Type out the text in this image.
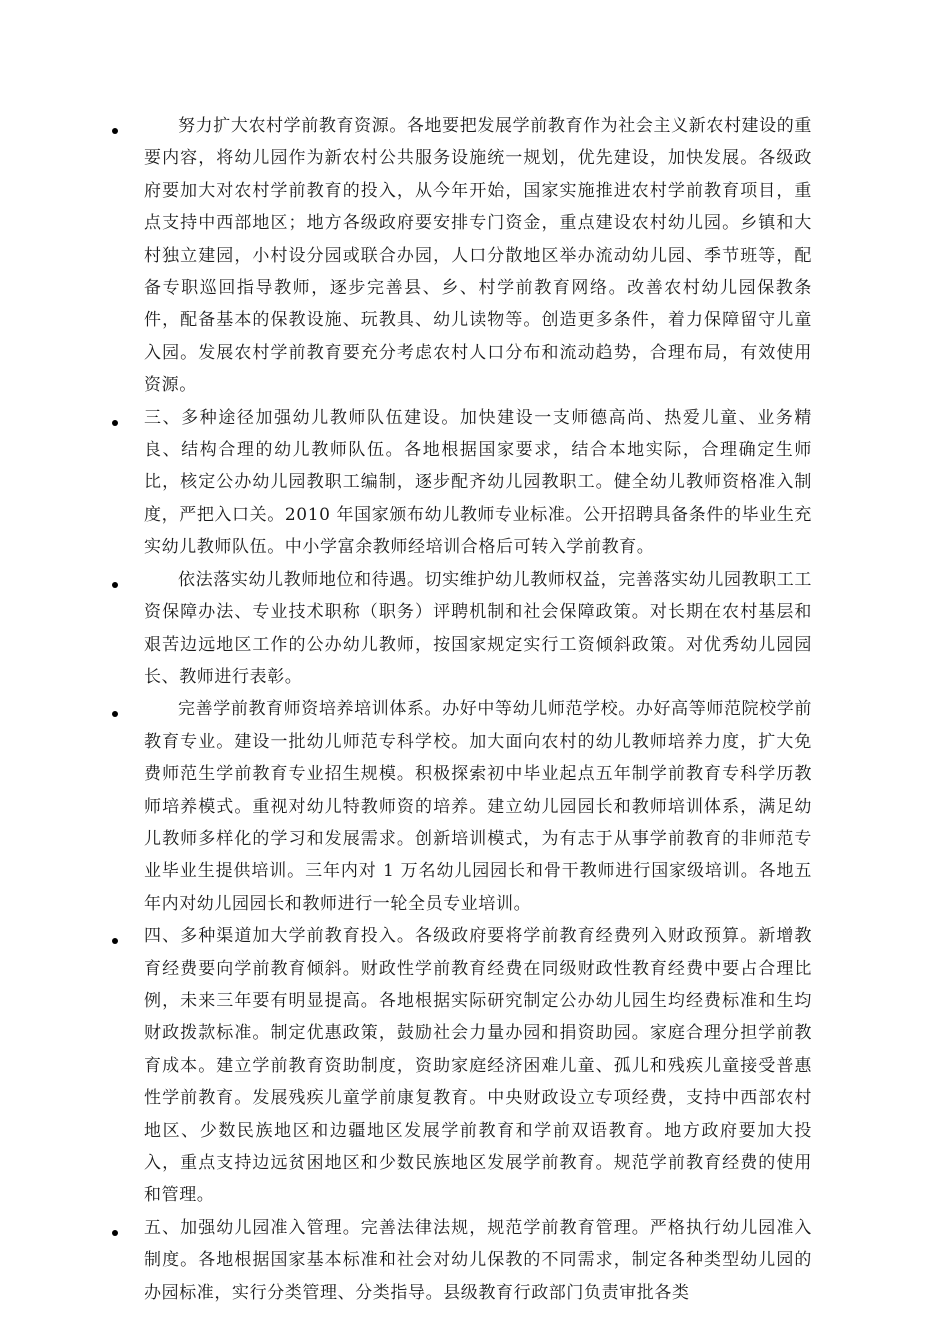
努力扩大农村学前教育资源。各地要把发展学前教育作为社会主义新农村建设的重要内容，将幼儿园作为新农村公共服务设施统一规划，优先建设，加快发展。各级政府要加大对农村学前教育的投入，从今年开始，国家实施推进农村学前教育项目，重点支持中西部地区；地方各级政府要安排专门资金，重点建设农村幼儿园。乡镇和大村独立建园，小村设分园或联合办园，人口分散地区举办流动幼儿园、季节班等，配备专职巡回指导教师，逐步完善县、乡、村学前教育网络。改善农村幼儿园保教条件，配备基本的保教设施、玩教具、幼儿读物等。创造更多条件，着力保障留守儿童入园。发展农村学前教育要充分考虑农村人口分布和流动趋势，合理布局，有效使用资源。
三、多种途径加强幼儿教师队伍建设。加快建设一支师德高尚、热爱儿童、业务精良、结构合理的幼儿教师队伍。各地根据国家要求，结合本地实际，合理确定生师比，核定公办幼儿园教职工编制，逐步配齐幼儿园教职工。健全幼儿教师资格准入制度，严把入口关。2010 年国家颁布幼儿教师专业标准。公开招聘具备条件的毕业生充实幼儿教师队伍。中小学富余教师经培训合格后可转入学前教育。
依法落实幼儿教师地位和待遇。切实维护幼儿教师权益，完善落实幼儿园教职工工资保障办法、专业技术职称（职务）评聘机制和社会保障政策。对长期在农村基层和艰苦边远地区工作的公办幼儿教师，按国家规定实行工资倾斜政策。对优秀幼儿园园长、教师进行表彰。
完善学前教育师资培养培训体系。办好中等幼儿师范学校。办好高等师范院校学前教育专业。建设一批幼儿师范专科学校。加大面向农村的幼儿教师培养力度，扩大免费师范生学前教育专业招生规模。积极探索初中毕业起点五年制学前教育专科学历教师培养模式。重视对幼儿特教师资的培养。建立幼儿园园长和教师培训体系，满足幼儿教师多样化的学习和发展需求。创新培训模式，为有志于从事学前教育的非师范专业毕业生提供培训。三年内对 1 万名幼儿园园长和骨干教师进行国家级培训。各地五年内对幼儿园园长和教师进行一轮全员专业培训。
四、多种渠道加大学前教育投入。各级政府要将学前教育经费列入财政预算。新增教育经费要向学前教育倾斜。财政性学前教育经费在同级财政性教育经费中要占合理比例，未来三年要有明显提高。各地根据实际研究制定公办幼儿园生均经费标准和生均财政拨款标准。制定优惠政策，鼓励社会力量办园和捐资助园。家庭合理分担学前教育成本。建立学前教育资助制度，资助家庭经济困难儿童、孤儿和残疾儿童接受普惠性学前教育。发展残疾儿童学前康复教育。中央财政设立专项经费，支持中西部农村地区、少数民族地区和边疆地区发展学前教育和学前双语教育。地方政府要加大投入，重点支持边远贫困地区和少数民族地区发展学前教育。规范学前教育经费的使用和管理。
五、加强幼儿园准入管理。完善法律法规，规范学前教育管理。严格执行幼儿园准入制度。各地根据国家基本标准和社会对幼儿保教的不同需求，制定各种类型幼儿园的办园标准，实行分类管理、分类指导。县级教育行政部门负责审批各类
